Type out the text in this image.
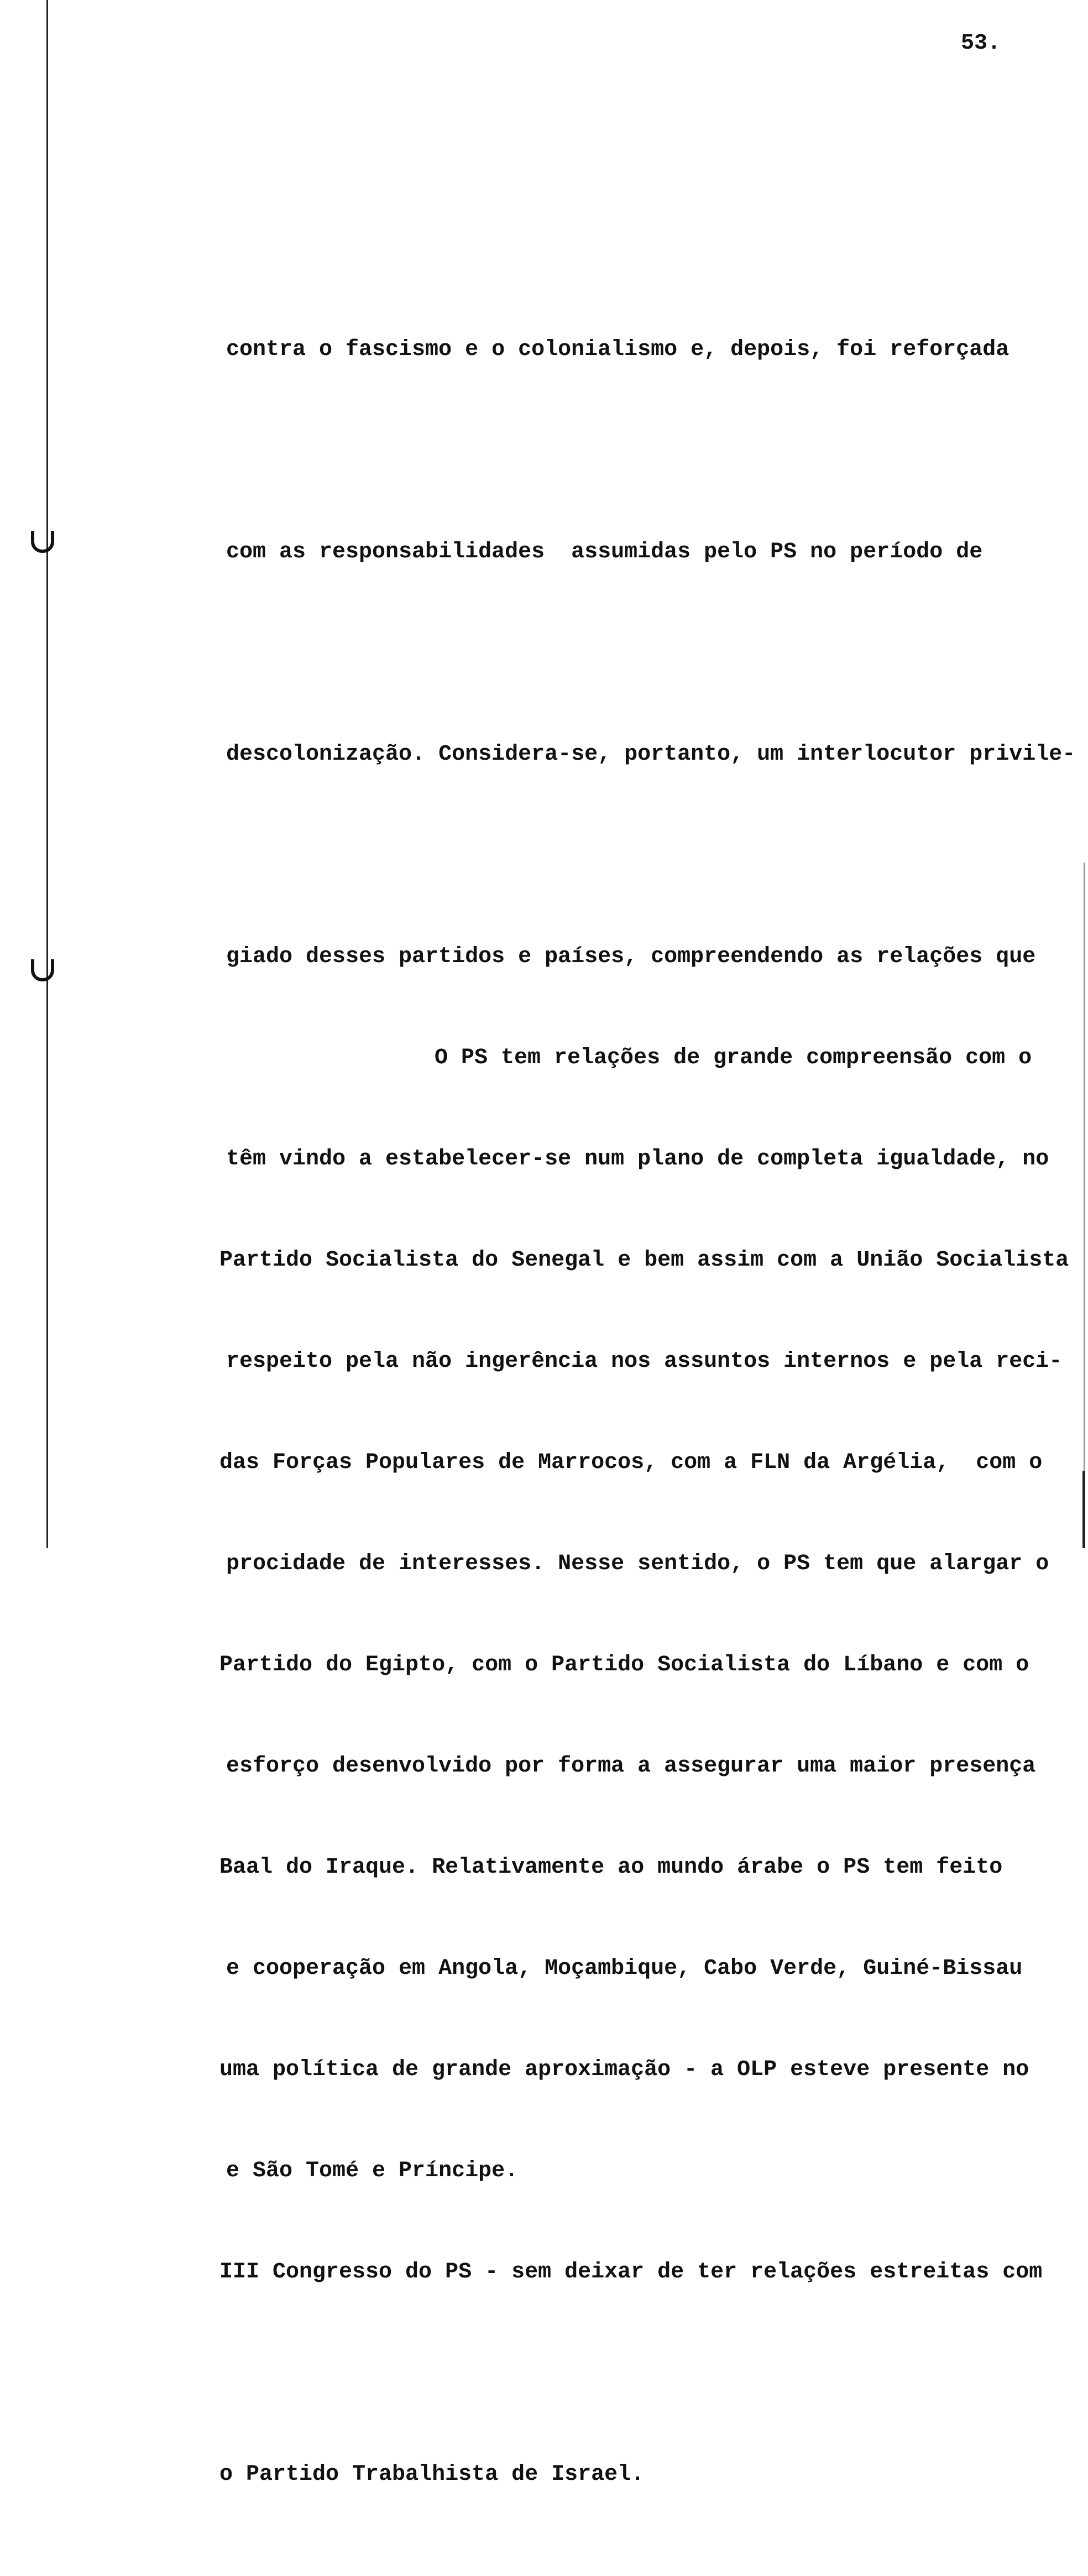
53.

contra o fascismo e o colonialismo e, depois, foi reforçada

com as responsabilidades  assumidas pelo PS no período de

descolonização. Considera-se, portanto, um interlocutor privile-

giado desses partidos e países, compreendendo as relações que

têm vindo a estabelecer-se num plano de completa igualdade, no

respeito pela não ingerência nos assuntos internos e pela reci-

procidade de interesses. Nesse sentido, o PS tem que alargar o

esforço desenvolvido por forma a assegurar uma maior presença

e cooperação em Angola, Moçambique, Cabo Verde, Guiné-Bissau

e São Tomé e Príncipe.

O PS tem relações de grande compreensão com o

Partido Socialista do Senegal e bem assim com a União Socialista

das Forças Populares de Marrocos, com a FLN da Argélia,  com o

Partido do Egipto, com o Partido Socialista do Líbano e com o

Baal do Iraque. Relativamente ao mundo árabe o PS tem feito

uma política de grande aproximação - a OLP esteve presente no

III Congresso do PS - sem deixar de ter relações estreitas com

o Partido Trabalhista de Israel.
